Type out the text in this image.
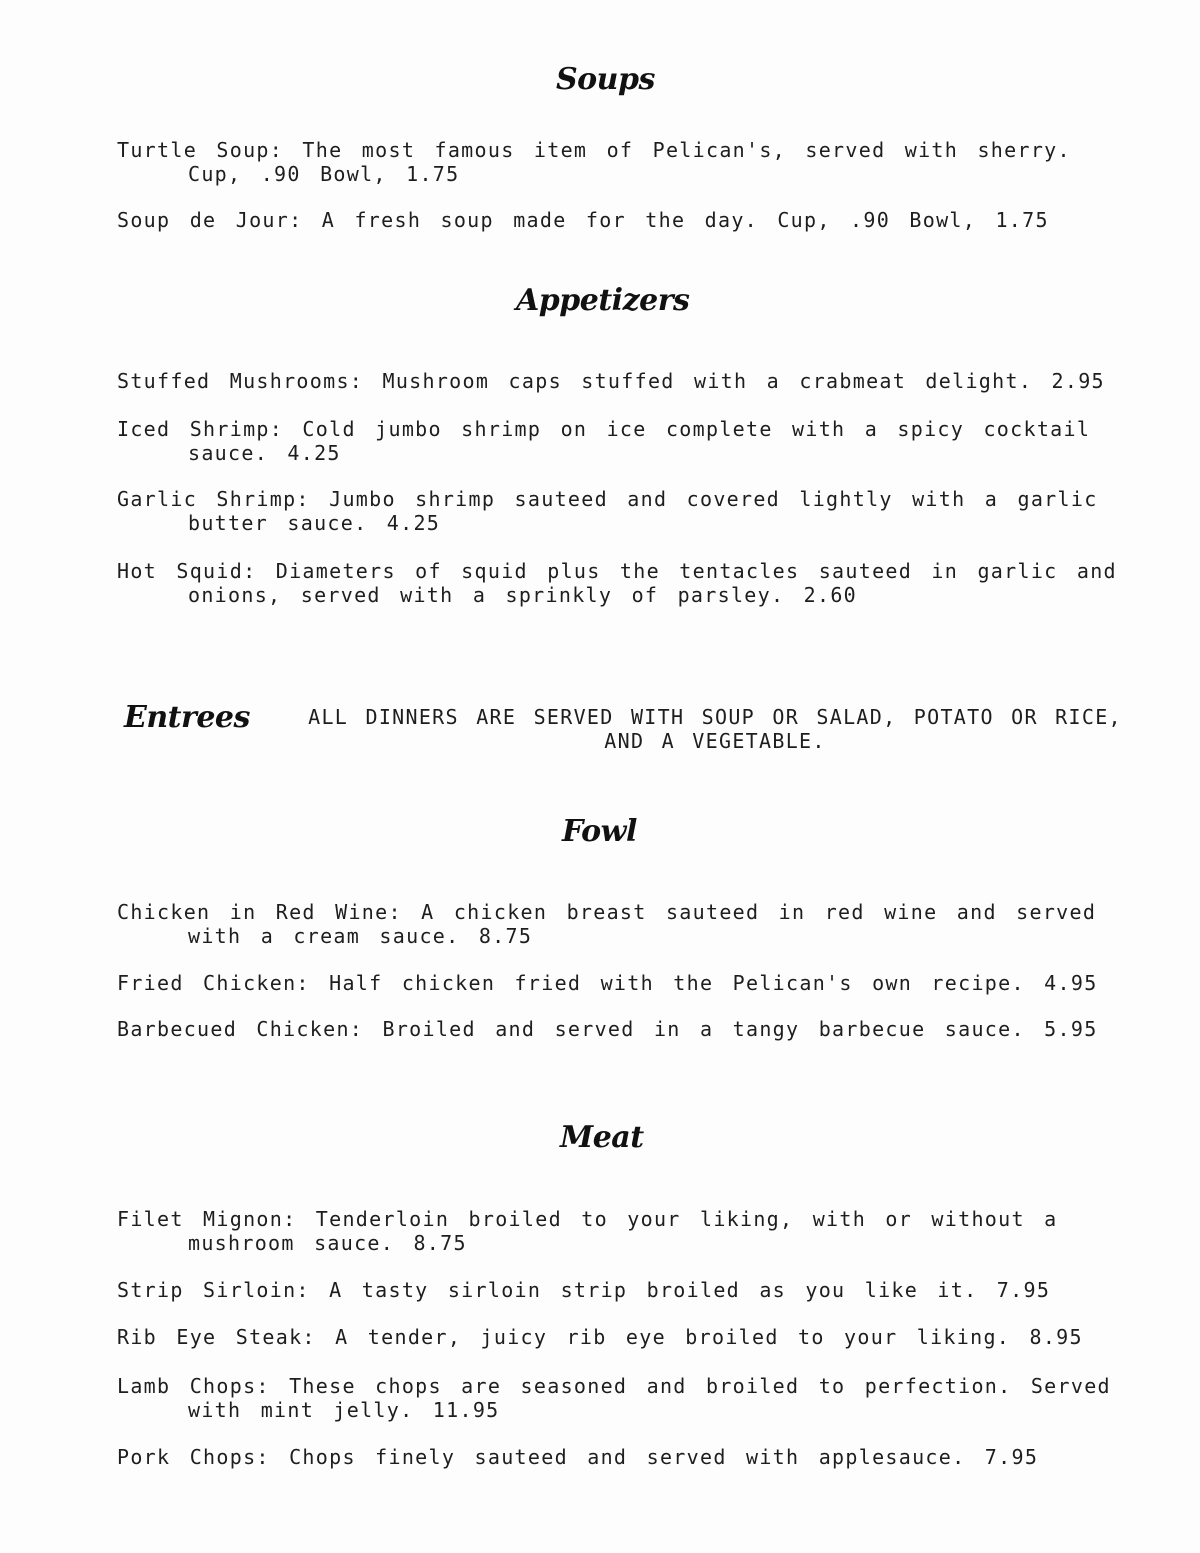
Soups
Turtle Soup: The most famous item of Pelican's, served with sherry.
Cup, .90 Bowl, 1.75
Soup de Jour: A fresh soup made for the day. Cup, .90 Bowl, 1.75
Appetizers
Stuffed Mushrooms: Mushroom caps stuffed with a crabmeat delight. 2.95
Iced Shrimp: Cold jumbo shrimp on ice complete with a spicy cocktail
sauce. 4.25
Garlic Shrimp: Jumbo shrimp sauteed and covered lightly with a garlic
butter sauce. 4.25
Hot Squid: Diameters of squid plus the tentacles sauteed in garlic and
onions, served with a sprinkly of parsley. 2.60
Entrees	ALL DINNERS ARE SERVED WITH SOUP OR SALAD, POTATO OR RICE,
AND A VEGETABLE.
Fowl
Chicken in Red Wine: A chicken breast sauteed in red wine and served
with a cream sauce. 8.75
Fried Chicken: Half chicken fried with the Pelican's own recipe. 4.95
Barbecued Chicken: Broiled and served in a tangy barbecue sauce. 5.95
Meat
Filet Mignon: Tenderloin broiled to your liking, with or without a
mushroom sauce. 8.75
Strip Sirloin: A tasty sirloin strip broiled as you like it. 7.95
Rib Eye Steak: A tender, juicy rib eye broiled to your liking. 8.95
Lamb Chops: These chops are seasoned and broiled to perfection. Served
with mint jelly. 11.95
Pork Chops: Chops finely sauteed and served with applesauce. 7.95
